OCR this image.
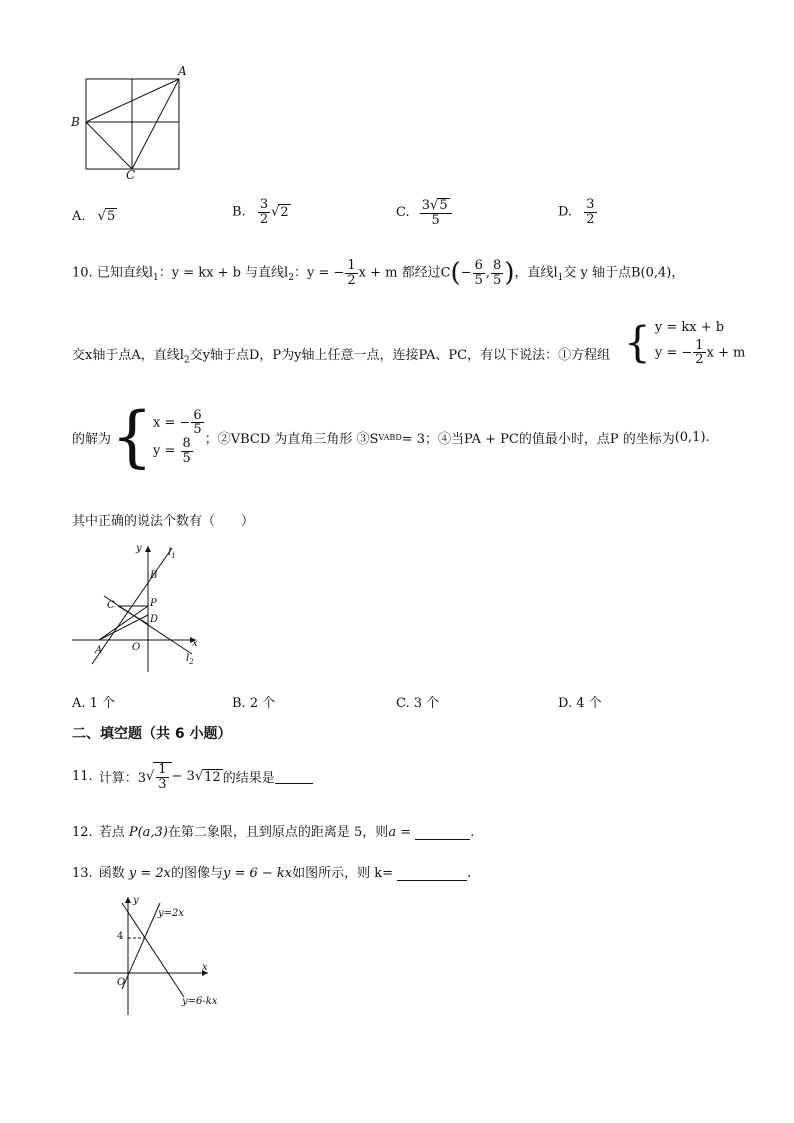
A
B
C
A. √5	B. $\frac{3}{2} √2$	C. $\frac{3√5}{5}$	D. $\frac{3}{2}$
10. 已知直线$l_1$：y = kx + b 与直线$l_2$：y = − $\frac{1}{2}$ x + m 都经过$C(- \frac{6}{5}$ , $\frac{8}{5}$ )，直线$l_1$交 y 轴于点B(0,4)，
交x轴于点A，直线$l_2$交y轴于点D，P为y轴上任意一点，连接PA、PC，有以下说法：①方程组 { y = kx + b
y = − $\frac{1}{2}$ x + m
的解为 { x = − $\frac{6}{5}$
$y = \frac{8}{5}$ ；②VBCD 为直角三角形 ③S VABD = 3；④当PA + PC的值最小时，点P 的坐标为 (0,1).
其中正确的说法个数有（　　）
y	$l_1$
B
C	P
D
x
A	O
$l_2$
A. 1 个	B. 2 个	C. 3 个	D. 4 个
二、填空题（共 6 小题）
11. 计算：3 √ $\frac{1}{3} - 3$ √ 12 的结果是
12. 若点 P(a,3)在第二象限，且到原点的距离是 5，则a =	.
13. 函数 y = 2x的图像与y = 6 − kx如图所示，则 k=	.
y
y=2x
4
x
O
y=6-kx
